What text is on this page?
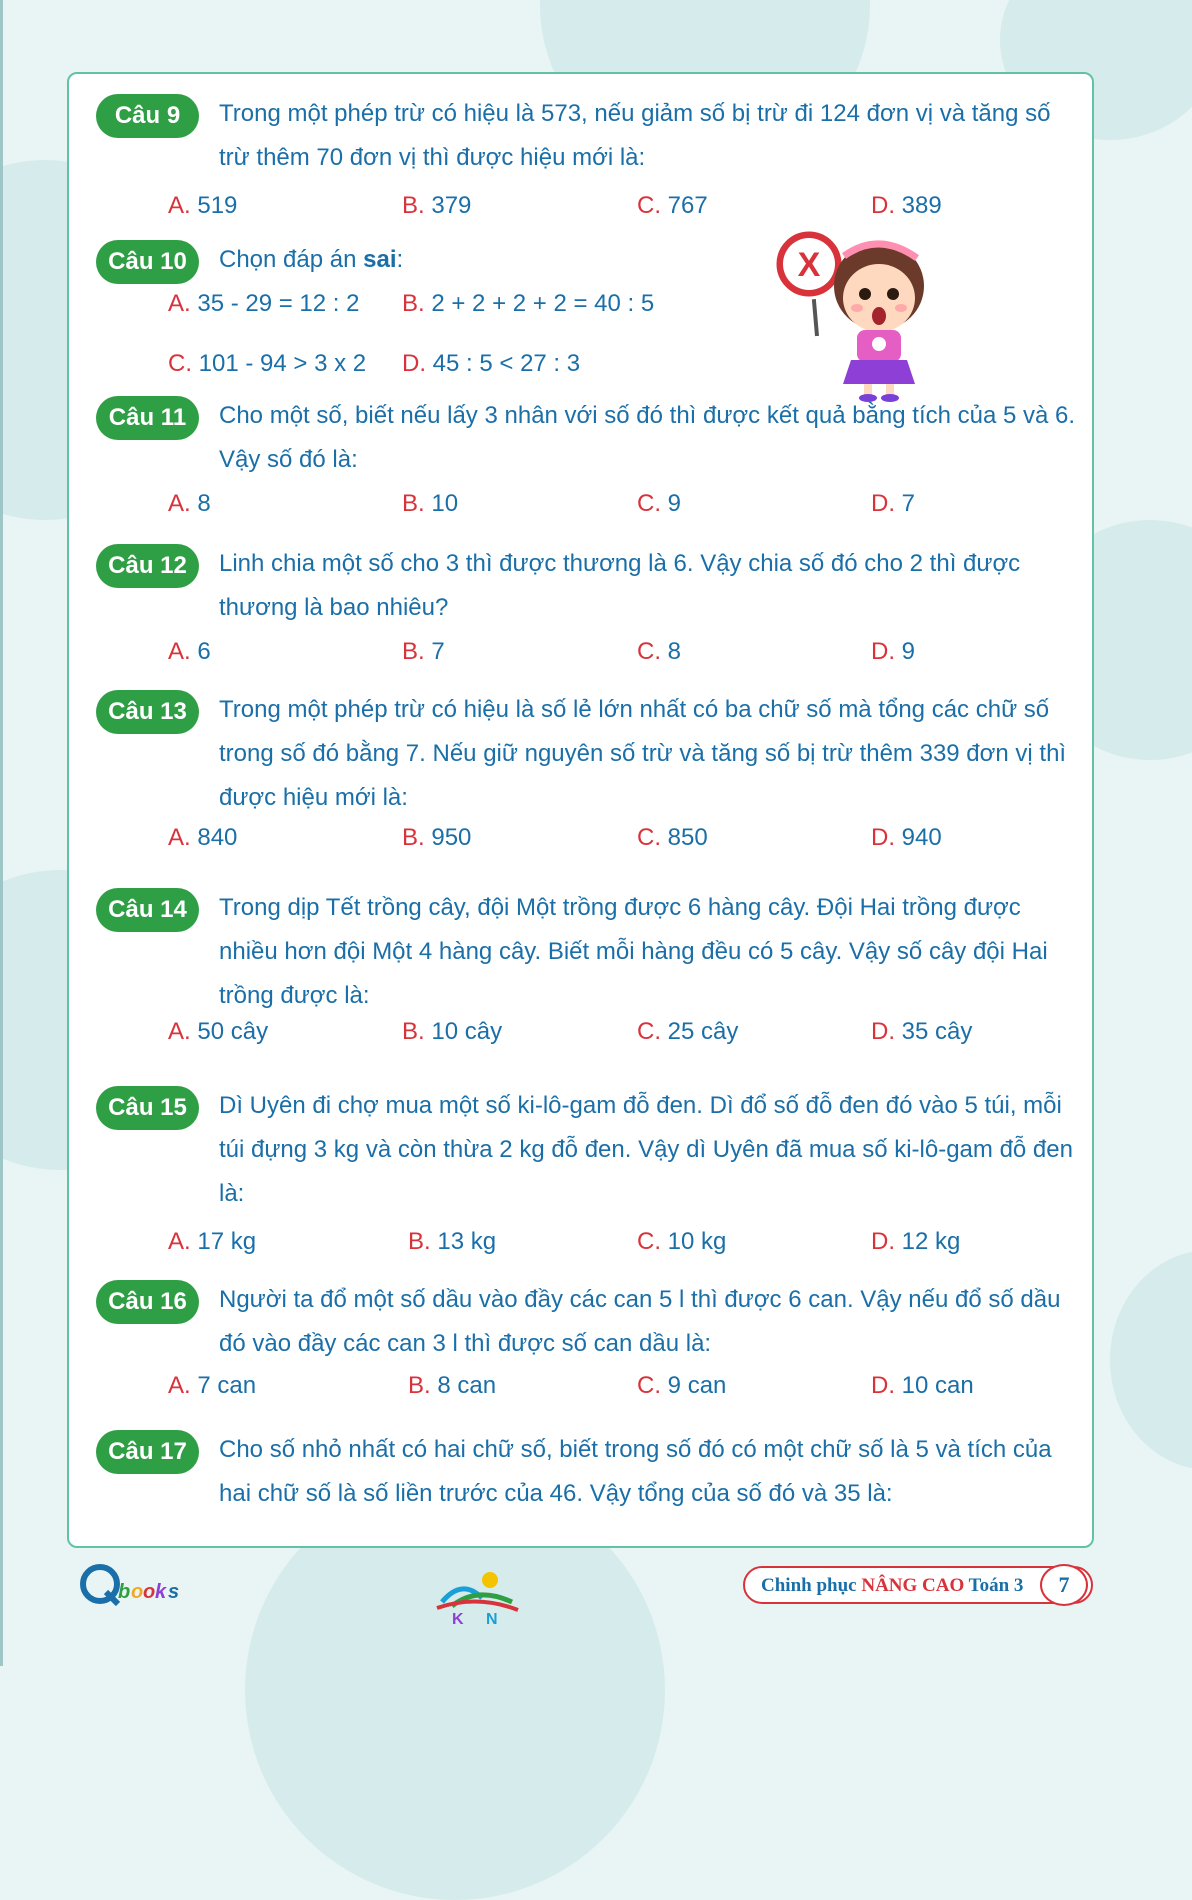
Câu 9	Trong một phép trừ có hiệu là 573, nếu giảm số bị trừ đi 124 đơn vị và tăng số trừ thêm 70 đơn vị thì được hiệu mới là:
A. 519	B. 379	C. 767	D. 389
Câu 10	Chọn đáp án sai:
A. 35 - 29 = 12 : 2 B. 2 + 2 + 2 + 2 = 40 : 5
C. 101 - 94 > 3 x 2 D. 45 : 5 < 27 : 3
X
Câu 11	Cho một số, biết nếu lấy 3 nhân với số đó thì được kết quả bằng tích của 5 và 6. Vậy số đó là:
A. 8	B. 10	C. 9	D. 7
Câu 12	Linh chia một số cho 3 thì được thương là 6. Vậy chia số đó cho 2 thì được thương là bao nhiêu?
A. 6	B. 7	C. 8	D. 9
Câu 13	Trong một phép trừ có hiệu là số lẻ lớn nhất có ba chữ số mà tổng các chữ số trong số đó bằng 7. Nếu giữ nguyên số trừ và tăng số bị trừ thêm 339 đơn vị thì được hiệu mới là:
A. 840	B. 950	C. 850	D. 940
Câu 14	Trong dịp Tết trồng cây, đội Một trồng được 6 hàng cây. Đội Hai trồng được nhiều hơn đội Một 4 hàng cây. Biết mỗi hàng đều có 5 cây. Vậy số cây đội Hai trồng được là:
A. 50 cây	B. 10 cây	C. 25 cây	D. 35 cây
Câu 15	Dì Uyên đi chợ mua một số ki-lô-gam đỗ đen. Dì đổ số đỗ đen đó vào 5 túi, mỗi túi đựng 3 kg và còn thừa 2 kg đỗ đen. Vậy dì Uyên đã mua số ki-lô-gam đỗ đen là:
A. 17 kg	B. 13 kg	C. 10 kg	D. 12 kg
Câu 16	Người ta đổ một số dầu vào đầy các can 5 l thì được 6 can. Vậy nếu đổ số dầu đó vào đầy các can 3 l thì được số can dầu là:
A. 7 can	B. 8 can	C. 9 can	D. 10 can
Câu 17	Cho số nhỏ nhất có hai chữ số, biết trong số đó có một chữ số là 5 và tích của hai chữ số là số liền trước của 46. Vậy tổng của số đó và 35 là:
b o o k s
K N
Chinh phục NÂNG CAO Toán 3	7
